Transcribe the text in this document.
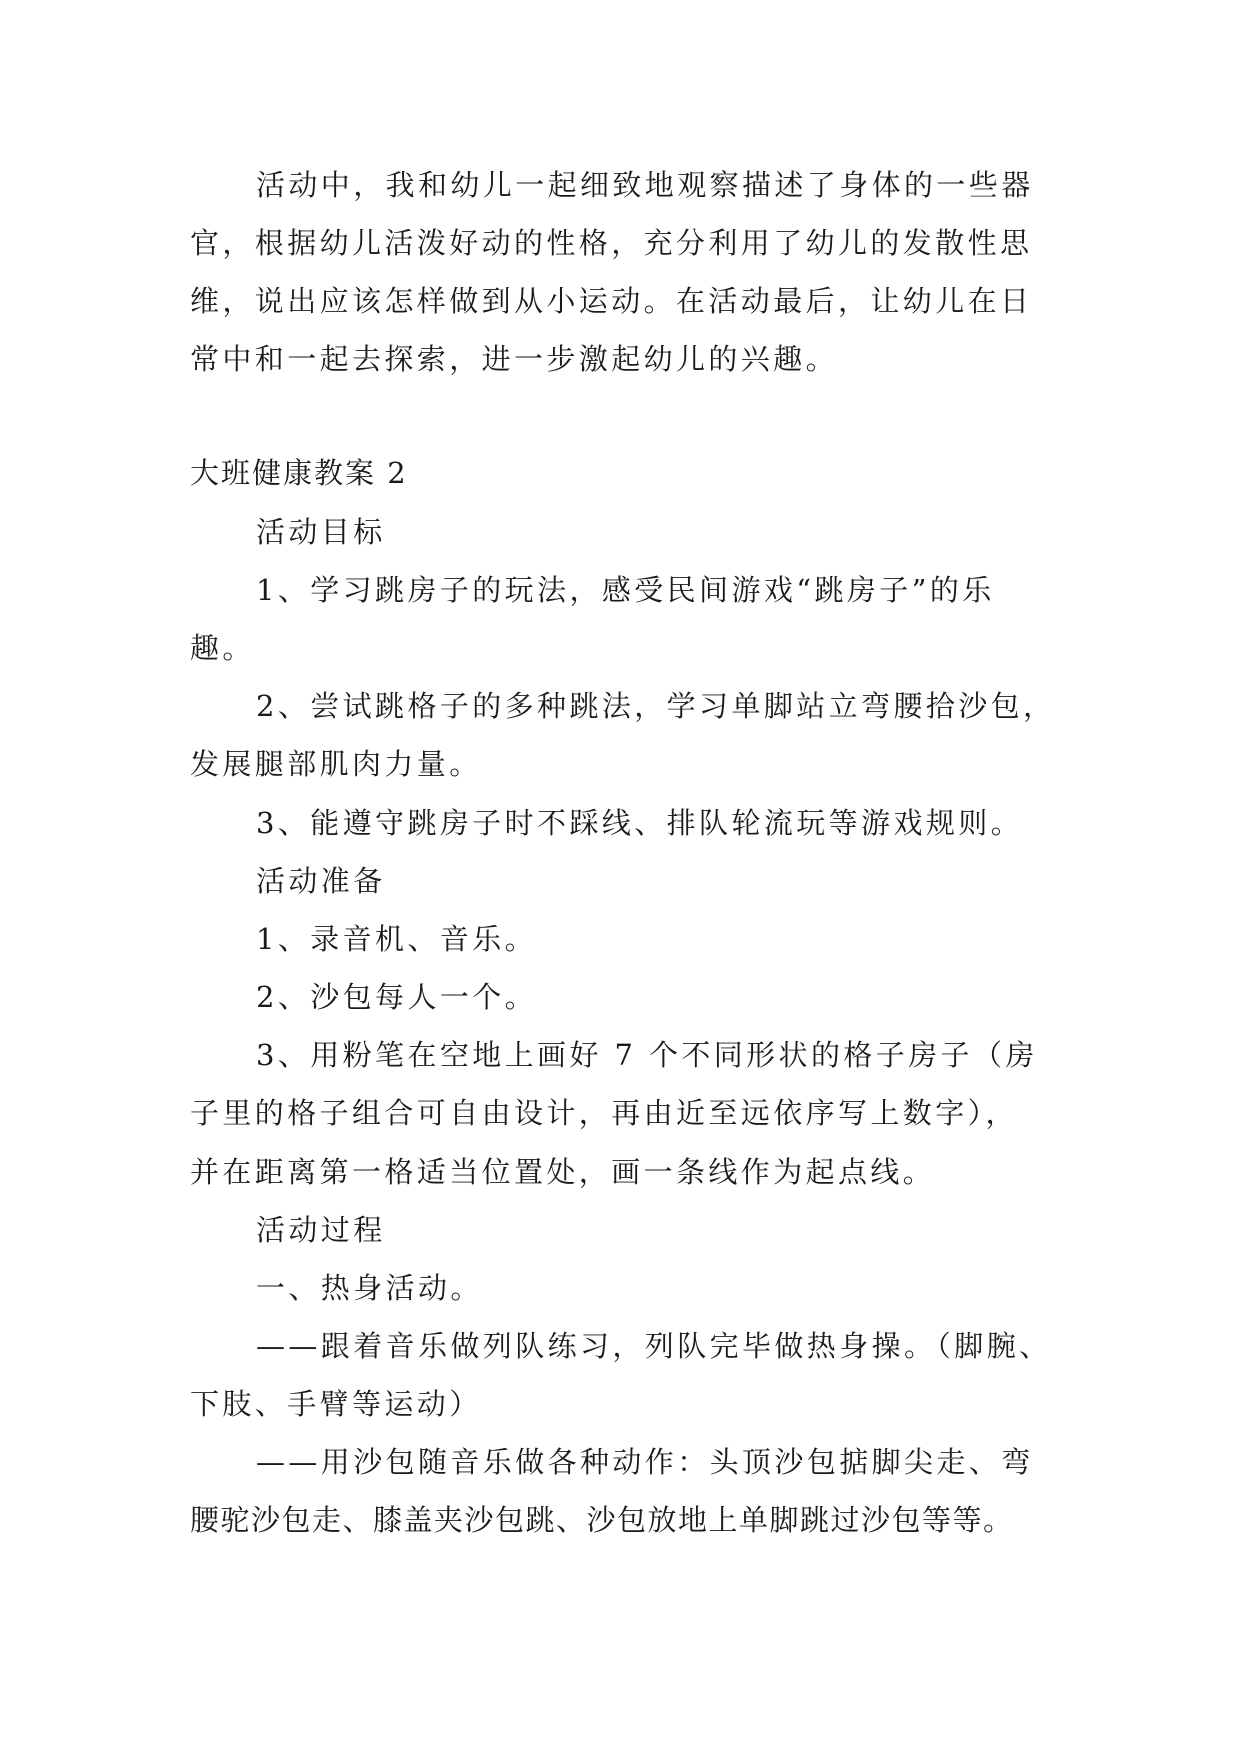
活动中，我和幼儿一起细致地观察描述了身体的一些器
官，根据幼儿活泼好动的性格，充分利用了幼儿的发散性思
维，说出应该怎样做到从小运动。在活动最后，让幼儿在日
常中和一起去探索，进一步激起幼儿的兴趣。
大班健康教案 2
活动目标
1、学习跳房子的玩法，感受民间游戏“跳房子”的乐
趣。
2、尝试跳格子的多种跳法，学习单脚站立弯腰拾沙包，
发展腿部肌肉力量。
3、能遵守跳房子时不踩线、排队轮流玩等游戏规则。
活动准备
1、录音机、音乐。
2、沙包每人一个。
3、用粉笔在空地上画好 7 个不同形状的格子房子（房
子里的格子组合可自由设计，再由近至远依序写上数字），
并在距离第一格适当位置处，画一条线作为起点线。
活动过程
一、热身活动。
——跟着音乐做列队练习，列队完毕做热身操。（脚腕、
下肢、手臂等运动）
——用沙包随音乐做各种动作：头顶沙包掂脚尖走、弯
腰驼沙包走、膝盖夹沙包跳、沙包放地上单脚跳过沙包等等。
